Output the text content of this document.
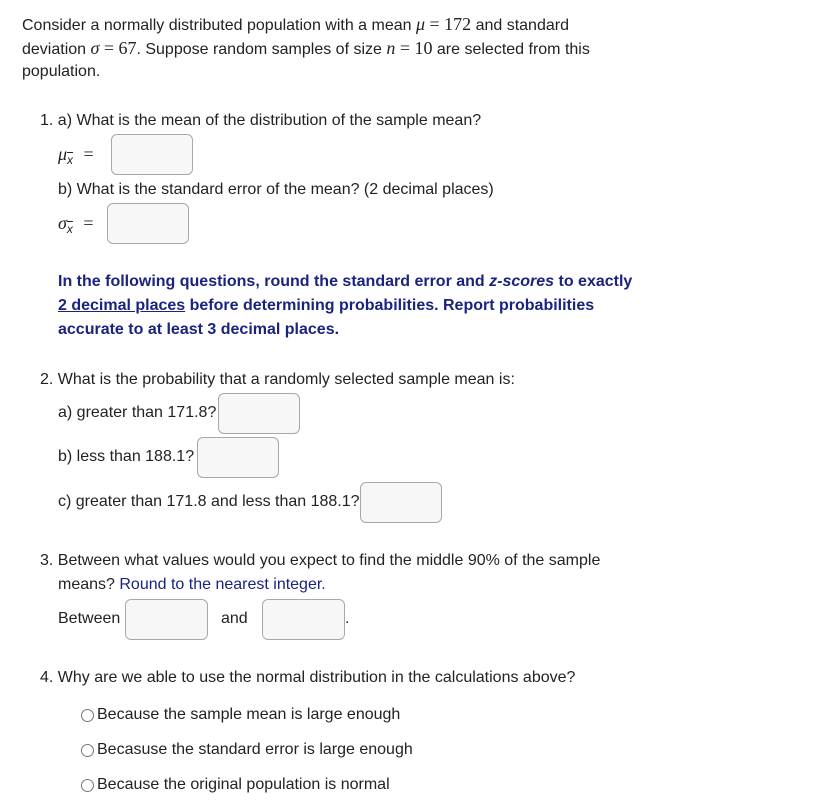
Consider a normally distributed population with a mean μ = 172 and standard
deviation σ = 67. Suppose random samples of size n = 10 are selected from this
population.
1. a) What is the mean of the distribution of the sample mean?
$\mu_{\overline{x}}$ =
b) What is the standard error of the mean? (2 decimal places)
$\sigma_{\overline{x}}$ =
In the following questions, round the standard error and z-scores to exactly
2 decimal places before determining probabilities. Report probabilities
accurate to at least 3 decimal places.
2. What is the probability that a randomly selected sample mean is:
a) greater than 171.8?
b) less than 188.1?
c) greater than 171.8 and less than 188.1?
3. Between what values would you expect to find the middle 90% of the sample
means? Round to the nearest integer.
Between	and	.
4. Why are we able to use the normal distribution in the calculations above?
Because the sample mean is large enough
Becasuse the standard error is large enough
Because the original population is normal
